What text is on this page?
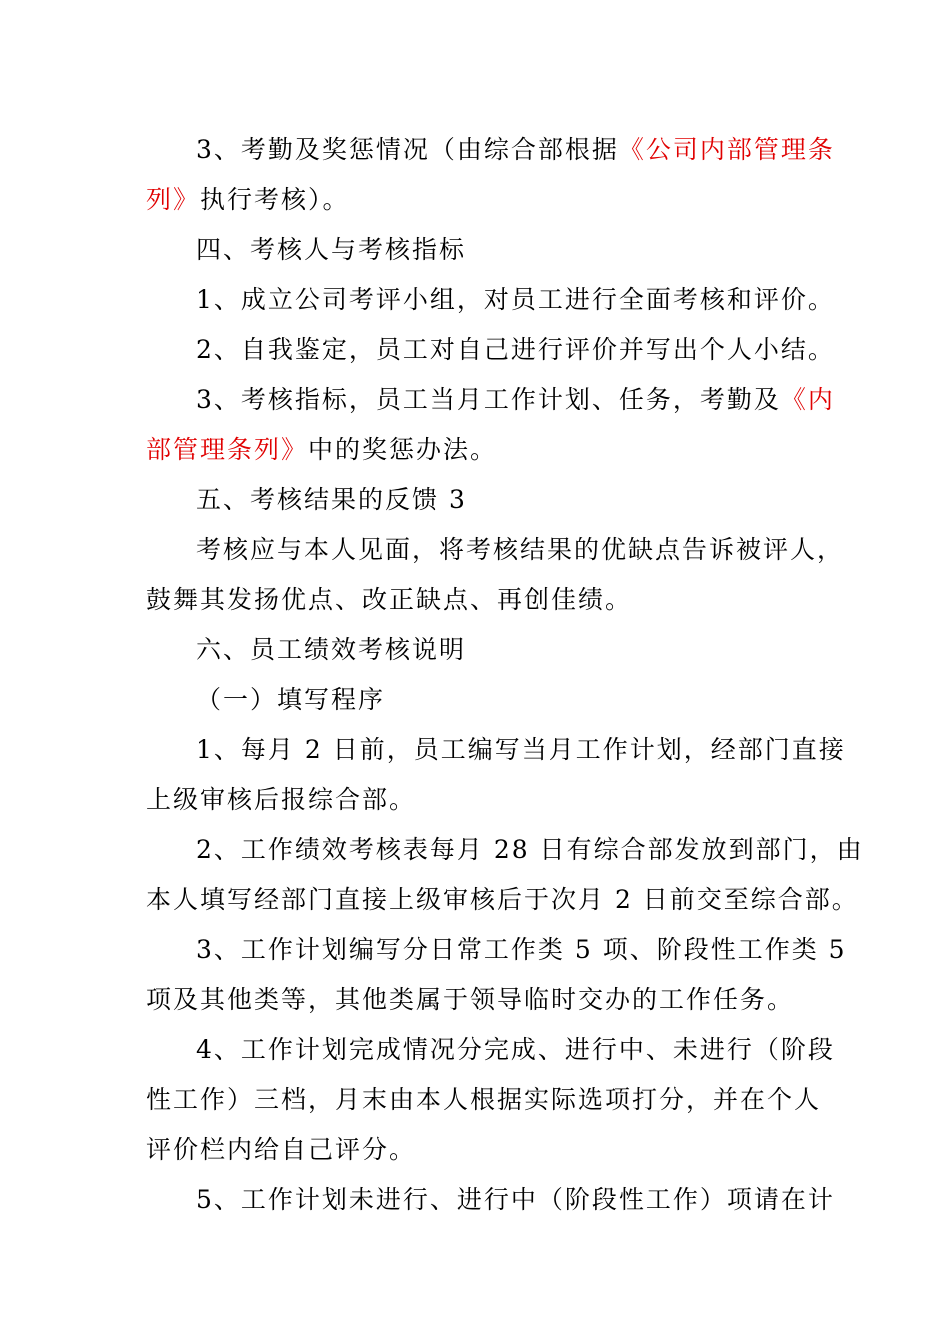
3、考勤及奖惩情况（由综合部根据《公司内部管理条
列》执行考核）。
四、考核人与考核指标
1、成立公司考评小组，对员工进行全面考核和评价。
2、自我鉴定，员工对自己进行评价并写出个人小结。
3、考核指标，员工当月工作计划、任务，考勤及《内
部管理条列》中的奖惩办法。
五、考核结果的反馈 3
考核应与本人见面，将考核结果的优缺点告诉被评人，
鼓舞其发扬优点、改正缺点、再创佳绩。
六、员工绩效考核说明
（一）填写程序
1、每月 2 日前，员工编写当月工作计划，经部门直接
上级审核后报综合部。
2、工作绩效考核表每月 28 日有综合部发放到部门，由
本人填写经部门直接上级审核后于次月 2 日前交至综合部。
3、工作计划编写分日常工作类 5 项、阶段性工作类 5
项及其他类等，其他类属于领导临时交办的工作任务。
4、工作计划完成情况分完成、进行中、未进行（阶段
性工作）三档，月末由本人根据实际选项打分，并在个人
评价栏内给自己评分。
5、工作计划未进行、进行中（阶段性工作）项请在计
